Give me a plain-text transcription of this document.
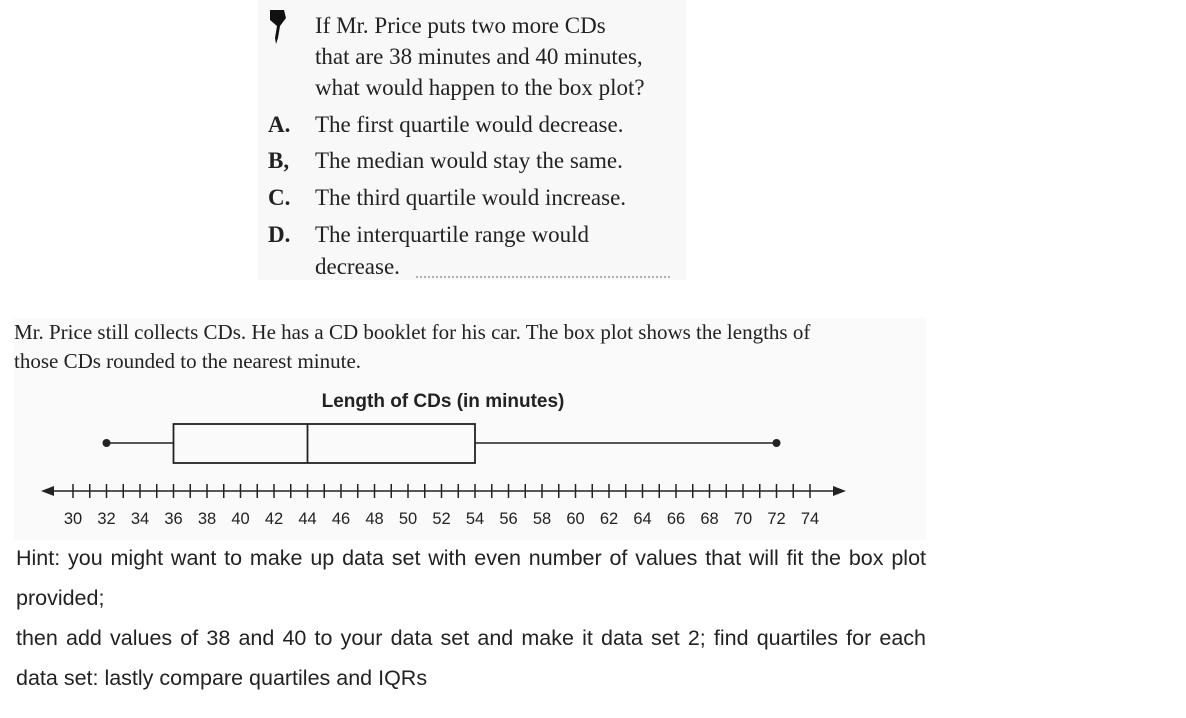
If Mr. Price puts two more CDs
that are 38 minutes and 40 minutes,
what would happen to the box plot?
A. The first quartile would decrease.
B, The median would stay the same.
C. The third quartile would increase.
D. The interquartile range would
decrease.
Mr. Price still collects CDs. He has a CD booklet for his car. The box plot shows the lengths of
those CDs rounded to the nearest minute.
Length of CDs (in minutes)
30 32 34 36 38 40 42 44 46 48 50 52 54 56 58 60 62 64 66 68 70 72 74

Hint: you might want to make up data set with even number of values that will fit the box plot provided;

then add values of 38 and 40 to your data set and make it data set 2; find quartiles for each data set: lastly compare quartiles and IQRs
